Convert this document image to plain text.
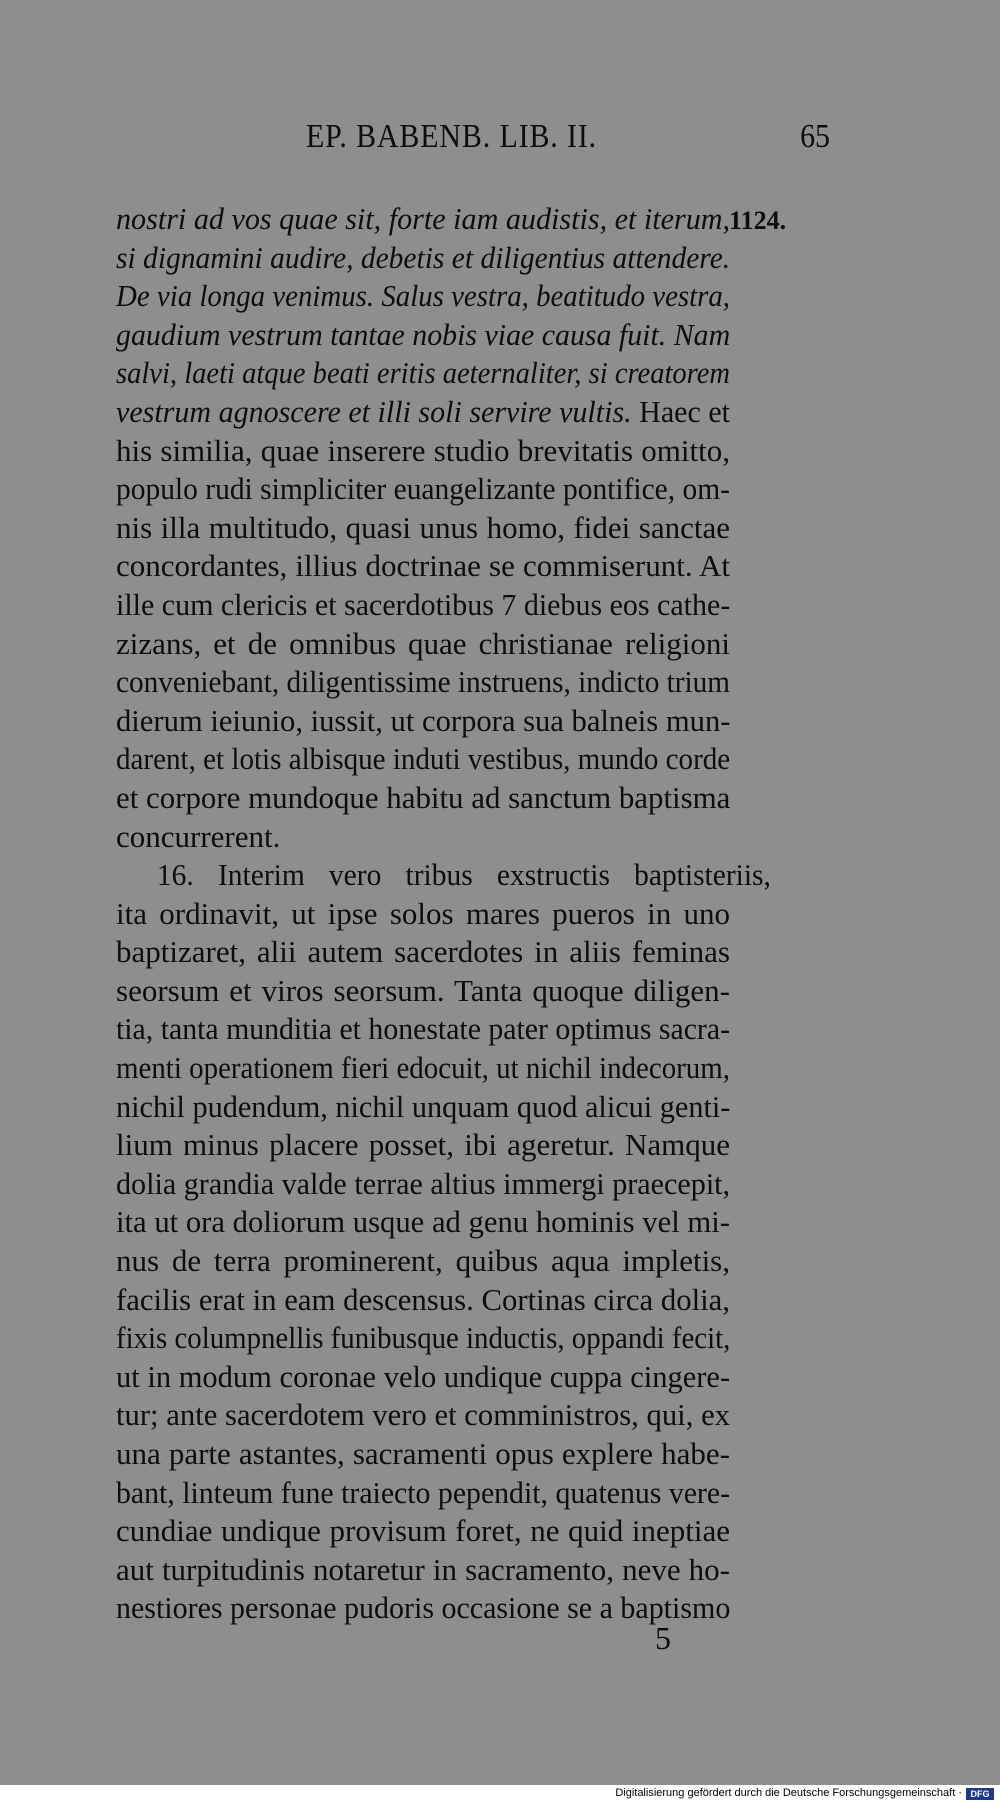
EP. BABENB. LIB. II.	65
nostri ad vos quae sit, forte iam audistis, et iterum,
si dignamini audire, debetis et diligentius attendere.
De via longa venimus. Salus vestra, beatitudo vestra,
gaudium vestrum tantae nobis viae causa fuit. Nam
salvi, laeti atque beati eritis aeternaliter, si creatorem
vestrum agnoscere et illi soli servire vultis. Haec et
his similia, quae inserere studio brevitatis omitto,
populo rudi simpliciter euangelizante pontifice, om-
nis illa multitudo, quasi unus homo, fidei sanctae
concordantes, illius doctrinae se commiserunt. At
ille cum clericis et sacerdotibus 7 diebus eos cathe-
zizans, et de omnibus quae christianae religioni
conveniebant, diligentissime instruens, indicto trium
dierum ieiunio, iussit, ut corpora sua balneis mun-
darent, et lotis albisque induti vestibus, mundo corde
et corpore mundoque habitu ad sanctum baptisma
concurrerent.
16. Interim vero tribus exstructis baptisteriis,
ita ordinavit, ut ipse solos mares pueros in uno
baptizaret, alii autem sacerdotes in aliis feminas
seorsum et viros seorsum. Tanta quoque diligen-
tia, tanta munditia et honestate pater optimus sacra-
menti operationem fieri edocuit, ut nichil indecorum,
nichil pudendum, nichil unquam quod alicui genti-
lium minus placere posset, ibi ageretur. Namque
dolia grandia valde terrae altius immergi praecepit,
ita ut ora doliorum usque ad genu hominis vel mi-
nus de terra prominerent, quibus aqua impletis,
facilis erat in eam descensus. Cortinas circa dolia,
fixis columpnellis funibusque inductis, oppandi fecit,
ut in modum coronae velo undique cuppa cingere-
tur; ante sacerdotem vero et comministros, qui, ex
una parte astantes, sacramenti opus explere habe-
bant, linteum fune traiecto pependit, quatenus vere-
cundiae undique provisum foret, ne quid ineptiae
aut turpitudinis notaretur in sacramento, neve ho-
nestiores personae pudoris occasione se a baptismo
1124.
5
Digitalisierung gefördert durch die Deutsche Forschungsgemeinschaft · DFG
